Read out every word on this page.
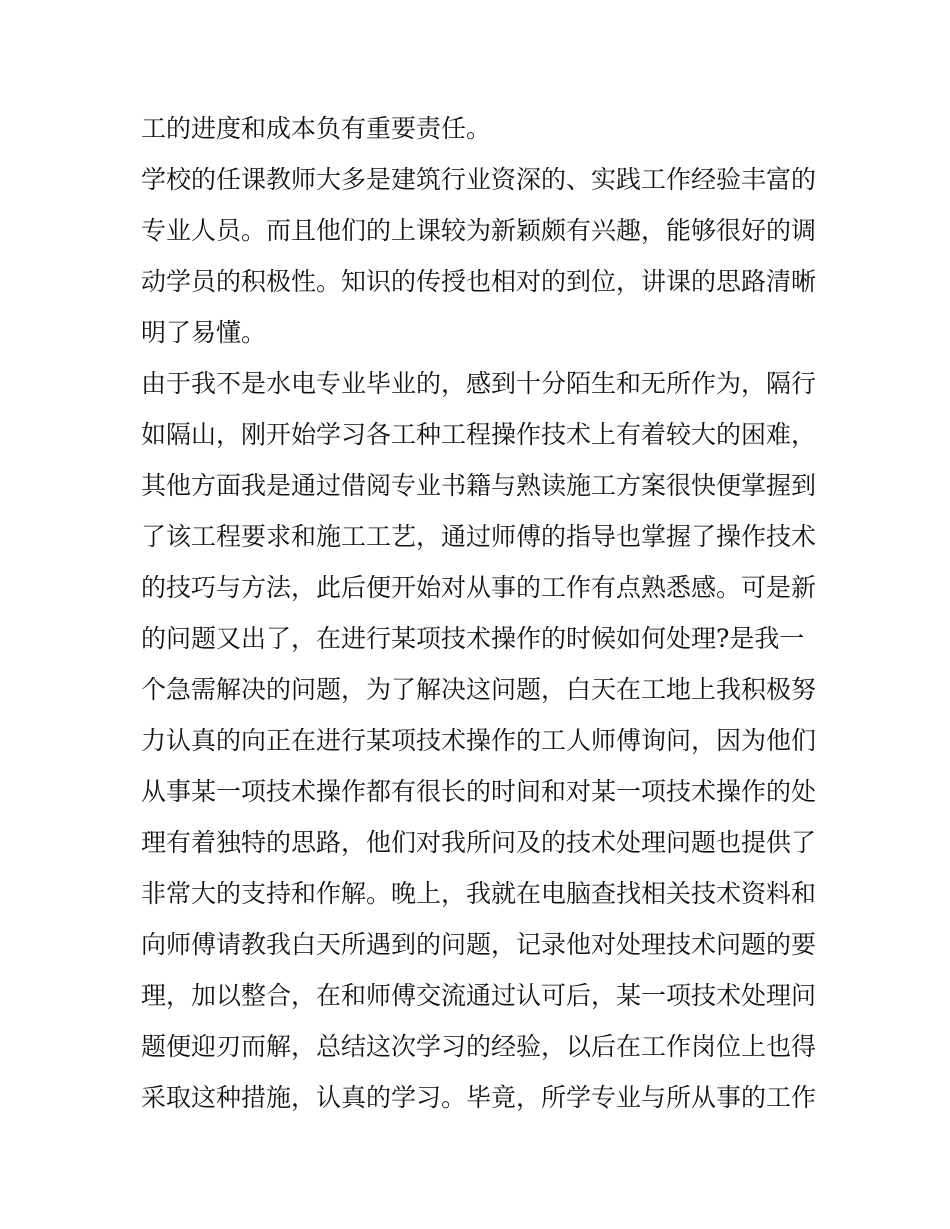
工的进度和成本负有重要责任。
学校的任课教师大多是建筑行业资深的、实践工作经验丰富的
专业人员。而且他们的上课较为新颖颇有兴趣，能够很好的调
动学员的积极性。知识的传授也相对的到位，讲课的思路清晰
明了易懂。
由于我不是水电专业毕业的，感到十分陌生和无所作为，隔行
如隔山，刚开始学习各工种工程操作技术上有着较大的困难，
其他方面我是通过借阅专业书籍与熟读施工方案很快便掌握到
了该工程要求和施工工艺，通过师傅的指导也掌握了操作技术
的技巧与方法，此后便开始对从事的工作有点熟悉感。可是新
的问题又出了，在进行某项技术操作的时候如何处理?是我一
个急需解决的问题，为了解决这问题，白天在工地上我积极努
力认真的向正在进行某项技术操作的工人师傅询问，因为他们
从事某一项技术操作都有很长的时间和对某一项技术操作的处
理有着独特的思路，他们对我所问及的技术处理问题也提供了
非常大的支持和作解。晚上，我就在电脑查找相关技术资料和
向师傅请教我白天所遇到的问题，记录他对处理技术问题的要
理，加以整合，在和师傅交流通过认可后，某一项技术处理问
题便迎刃而解，总结这次学习的经验，以后在工作岗位上也得
采取这种措施，认真的学习。毕竟，所学专业与所从事的工作
